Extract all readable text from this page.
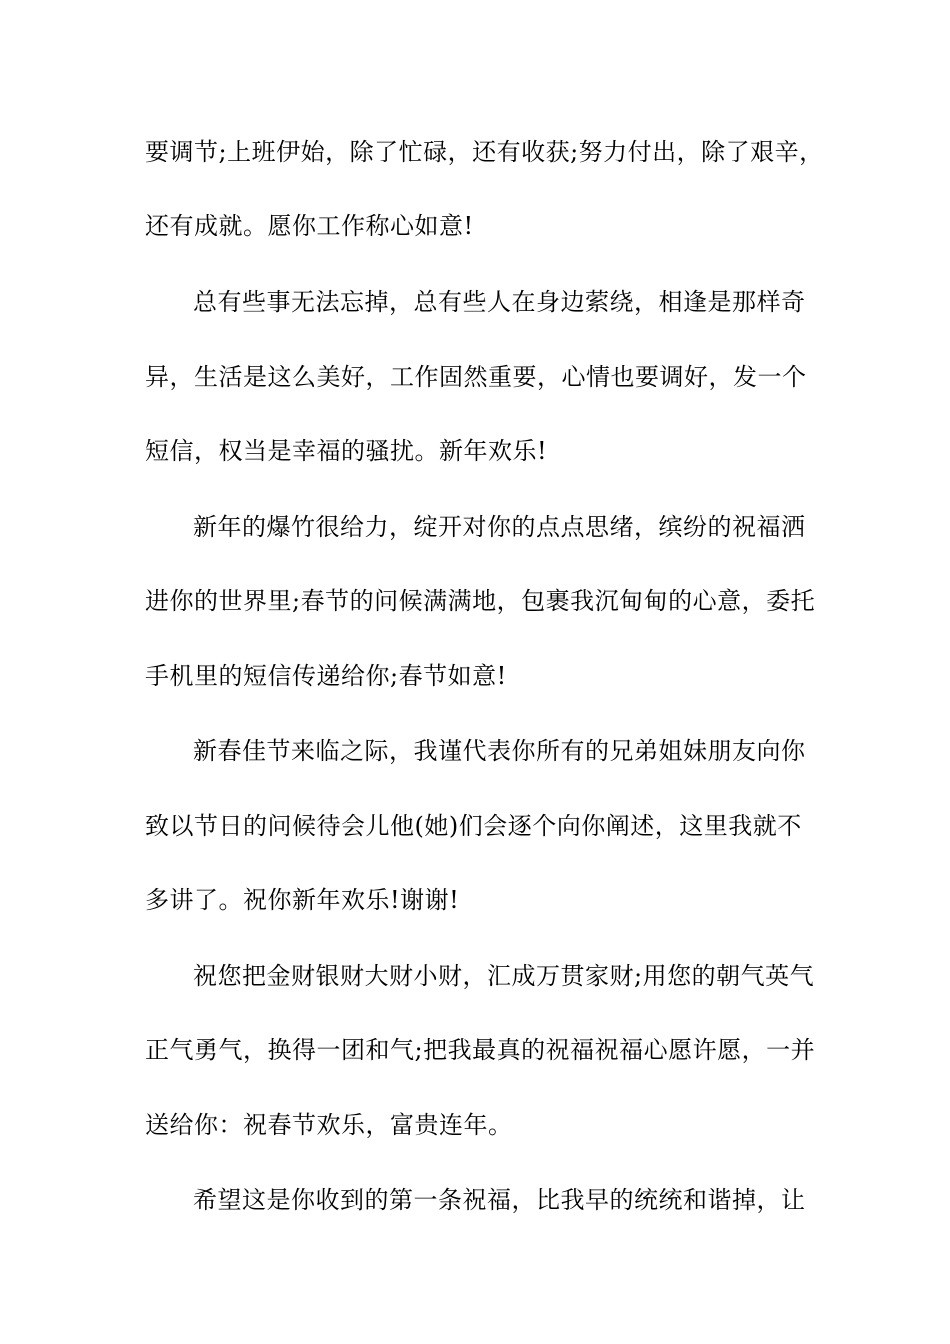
要调节;上班伊始，除了忙碌，还有收获;努力付出，除了艰辛，
还有成就。愿你工作称心如意!
总有些事无法忘掉，总有些人在身边萦绕，相逢是那样奇
异，生活是这么美好，工作固然重要，心情也要调好，发一个
短信，权当是幸福的骚扰。新年欢乐!
新年的爆竹很给力，绽开对你的点点思绪，缤纷的祝福洒
进你的世界里;春节的问候满满地，包裹我沉甸甸的心意，委托
手机里的短信传递给你;春节如意!
新春佳节来临之际，我谨代表你所有的兄弟姐妹朋友向你
致以节日的问候待会儿他(她)们会逐个向你阐述，这里我就不
多讲了。祝你新年欢乐!谢谢!
祝您把金财银财大财小财，汇成万贯家财;用您的朝气英气
正气勇气，换得一团和气;把我最真的祝福祝福心愿许愿，一并
送给你：祝春节欢乐，富贵连年。
希望这是你收到的第一条祝福，比我早的统统和谐掉，让
